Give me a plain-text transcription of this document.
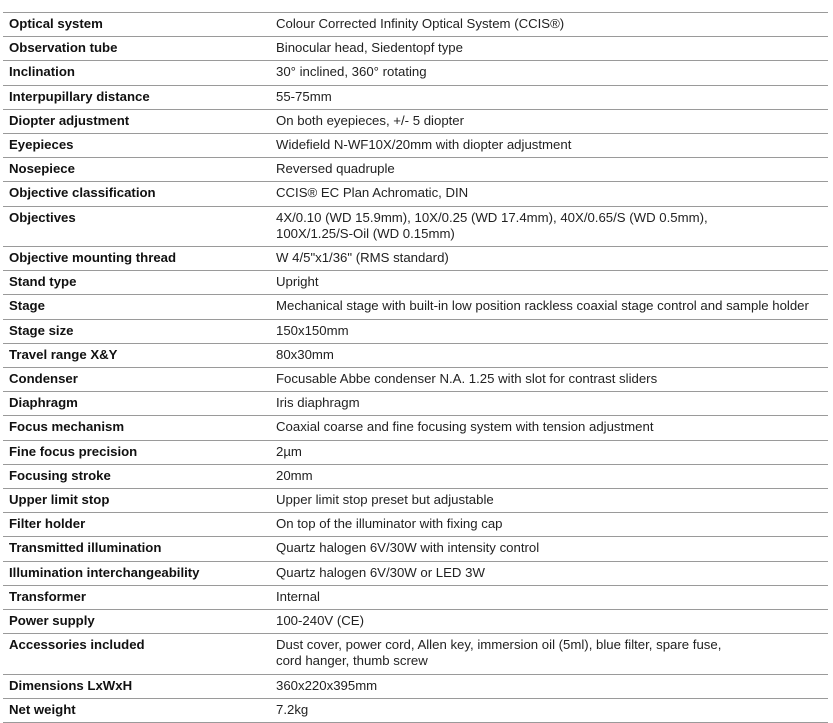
Optical system	Colour Corrected Infinity Optical System (CCIS®)
Observation tube	Binocular head, Siedentopf type
Inclination	30° inclined, 360° rotating
Interpupillary distance	55-75mm
Diopter adjustment	On both eyepieces, +/- 5 diopter
Eyepieces	Widefield N-WF10X/20mm with diopter adjustment
Nosepiece	Reversed quadruple
Objective classification	CCIS® EC Plan Achromatic, DIN
Objectives	4X/0.10 (WD 15.9mm), 10X/0.25 (WD 17.4mm), 40X/0.65/S (WD 0.5mm),
100X/1.25/S-Oil (WD 0.15mm)
Objective mounting thread	W 4/5"x1/36" (RMS standard)
Stand type	Upright
Stage	Mechanical stage with built-in low position rackless coaxial stage control and sample holder
Stage size	150x150mm
Travel range X&Y	80x30mm
Condenser	Focusable Abbe condenser N.A. 1.25 with slot for contrast sliders
Diaphragm	Iris diaphragm
Focus mechanism	Coaxial coarse and fine focusing system with tension adjustment
Fine focus precision	2µm
Focusing stroke	20mm
Upper limit stop	Upper limit stop preset but adjustable
Filter holder	On top of the illuminator with fixing cap
Transmitted illumination	Quartz halogen 6V/30W with intensity control
Illumination interchangeability	Quartz halogen 6V/30W or LED 3W
Transformer	Internal
Power supply	100-240V (CE)
Accessories included	Dust cover, power cord, Allen key, immersion oil (5ml), blue filter, spare fuse,
cord hanger, thumb screw
Dimensions LxWxH	360x220x395mm
Net weight	7.2kg
